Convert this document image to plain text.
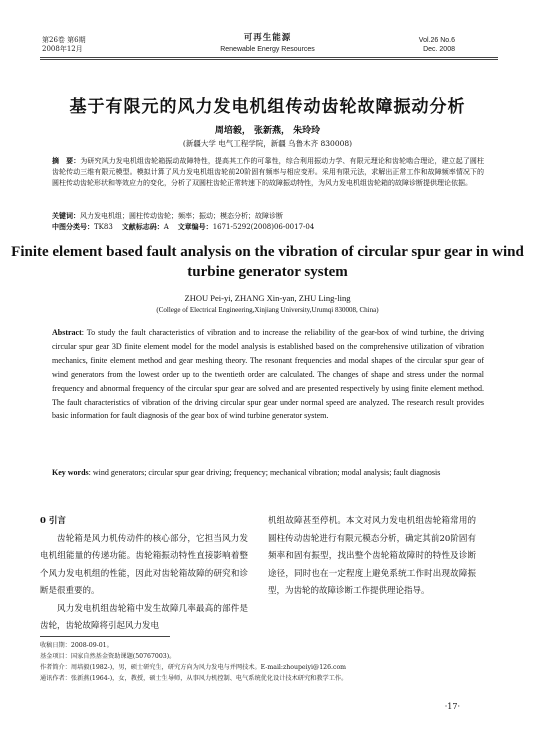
第26卷 第6期
2008年12月
可再生能源
Renewable Energy Resources
Vol.26 No.6
Dec. 2008
基于有限元的风力发电机组传动齿轮故障振动分析
周培毅， 张新燕， 朱玲玲
(新疆大学 电气工程学院，新疆 乌鲁木齐 830008)
摘　要：为研究风力发电机组齿轮箱振动故障特性，提高其工作的可靠性，综合利用振动力学、有限元理论和齿轮啮合理论，建立起了圆柱齿轮传动三维有限元模型。模拟计算了风力发电机组齿轮前20阶固有频率与相应变形。采用有限元法，求解出正常工作和故障频率情况下的圆柱传动齿轮形状和等效应力的变化，分析了双圆柱齿轮正常转速下的故障振动特性，为风力发电机组齿轮箱的故障诊断提供理论依据。
关键词：风力发电机组；圆柱传动齿轮；频率；振动；模态分析；故障诊断
中图分类号：TK83 文献标志码：A 文章编号：1671-5292(2008)06-0017-04
Finite element based fault analysis on the vibration of circular spur gear in wind turbine generator system
ZHOU Pei-yi, ZHANG Xin-yan, ZHU Ling-ling
(College of Electrical Engineering,Xinjiang University,Urumqi 830008, China)
Abstract: To study the fault characteristics of vibration and to increase the reliability of the gear-box of wind turbine, the driving circular spur gear 3D finite element model for the model analysis is established based on the comprehensive utilization of vibration mechanics, finite element method and gear meshing theory. The resonant frequencies and modal shapes of the circular spur gear of wind generators from the lowest order up to the twentieth order are calculated. The changes of shape and stress under the normal frequency and abnormal frequency of the circular spur gear are solved and are presented respectively by using finite element method. The fault characteristics of vibration of the driving circular spur gear under normal speed are analyzed. The research result provides basic information for fault diagnosis of the gear box of wind turbine generator system.
Key words: wind generators; circular spur gear driving; frequency; mechanical vibration; modal analysis; fault diagnosis
0 引言

齿轮箱是风力机传动件的核心部分，它担当风力发电机组能量的传递功能。齿轮箱振动特性直接影响着整个风力发电机组的性能，因此对齿轮箱故障的研究和诊断是很重要的。

风力发电机组齿轮箱中发生故障几率最高的部件是齿轮，齿轮故障将引起风力发电

机组故障甚至停机。本文对风力发电机组齿轮箱常用的圆柱传动齿轮进行有限元模态分析，确定其前20阶固有频率和固有振型，找出整个齿轮箱故障时的特性及诊断途径，同时也在一定程度上避免系统工作时出现故障振型，为齿轮的故障诊断工作提供理论指导。

收稿日期：2008-09-01。
基金项目：国家自然基金资助课题(50767003)。
作者简介：周培毅(1982-)，男，硕士研究生，研究方向为风力发电与并网技术。E-mail:zhoupeiyi@126.com
通讯作者：张新燕(1964-)，女，教授，硕士生导师，从事风力机控制、电气系统优化设计技术研究和教学工作。
·17·
